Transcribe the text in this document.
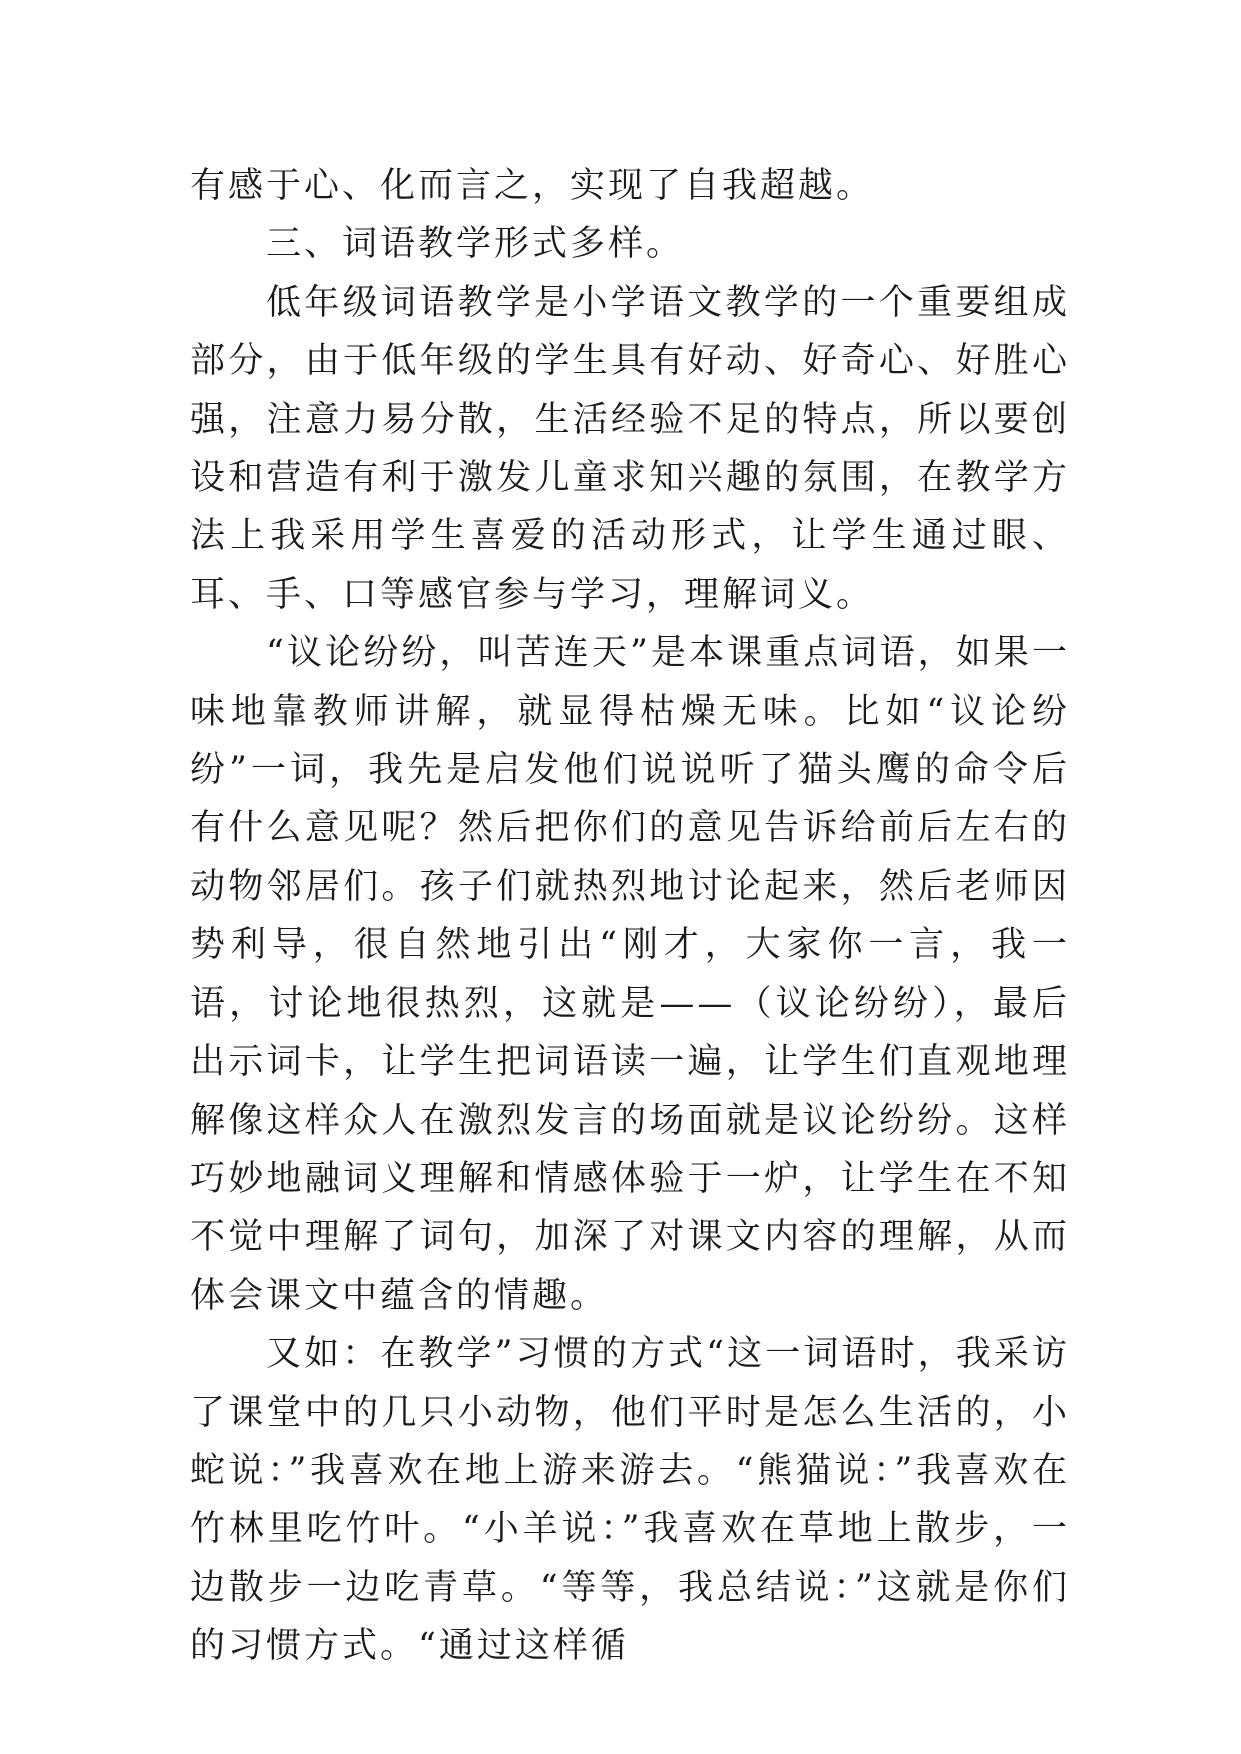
有感于心、化而言之，实现了自我超越。

三、词语教学形式多样。

低年级词语教学是小学语文教学的一个重要组成部分，由于低年级的学生具有好动、好奇心、好胜心强，注意力易分散，生活经验不足的特点，所以要创设和营造有利于激发儿童求知兴趣的氛围，在教学方法上我采用学生喜爱的活动形式，让学生通过眼、耳、手、口等感官参与学习，理解词义。

“议论纷纷，叫苦连天”是本课重点词语，如果一味地靠教师讲解，就显得枯燥无味。比如“议论纷纷”一词，我先是启发他们说说听了猫头鹰的命令后有什么意见呢？然后把你们的意见告诉给前后左右的动物邻居们。孩子们就热烈地讨论起来，然后老师因势利导，很自然地引出“刚才，大家你一言，我一语，讨论地很热烈，这就是——（议论纷纷），最后出示词卡，让学生把词语读一遍，让学生们直观地理解像这样众人在激烈发言的场面就是议论纷纷。这样巧妙地融词义理解和情感体验于一炉，让学生在不知不觉中理解了词句，加深了对课文内容的理解，从而体会课文中蕴含的情趣。

又如：在教学”习惯的方式“这一词语时，我采访了课堂中的几只小动物，他们平时是怎么生活的，小蛇说：”我喜欢在地上游来游去。“熊猫说：”我喜欢在竹林里吃竹叶。“小羊说：”我喜欢在草地上散步，一边散步一边吃青草。“等等，我总结说：”这就是你们的习惯方式。“通过这样循
